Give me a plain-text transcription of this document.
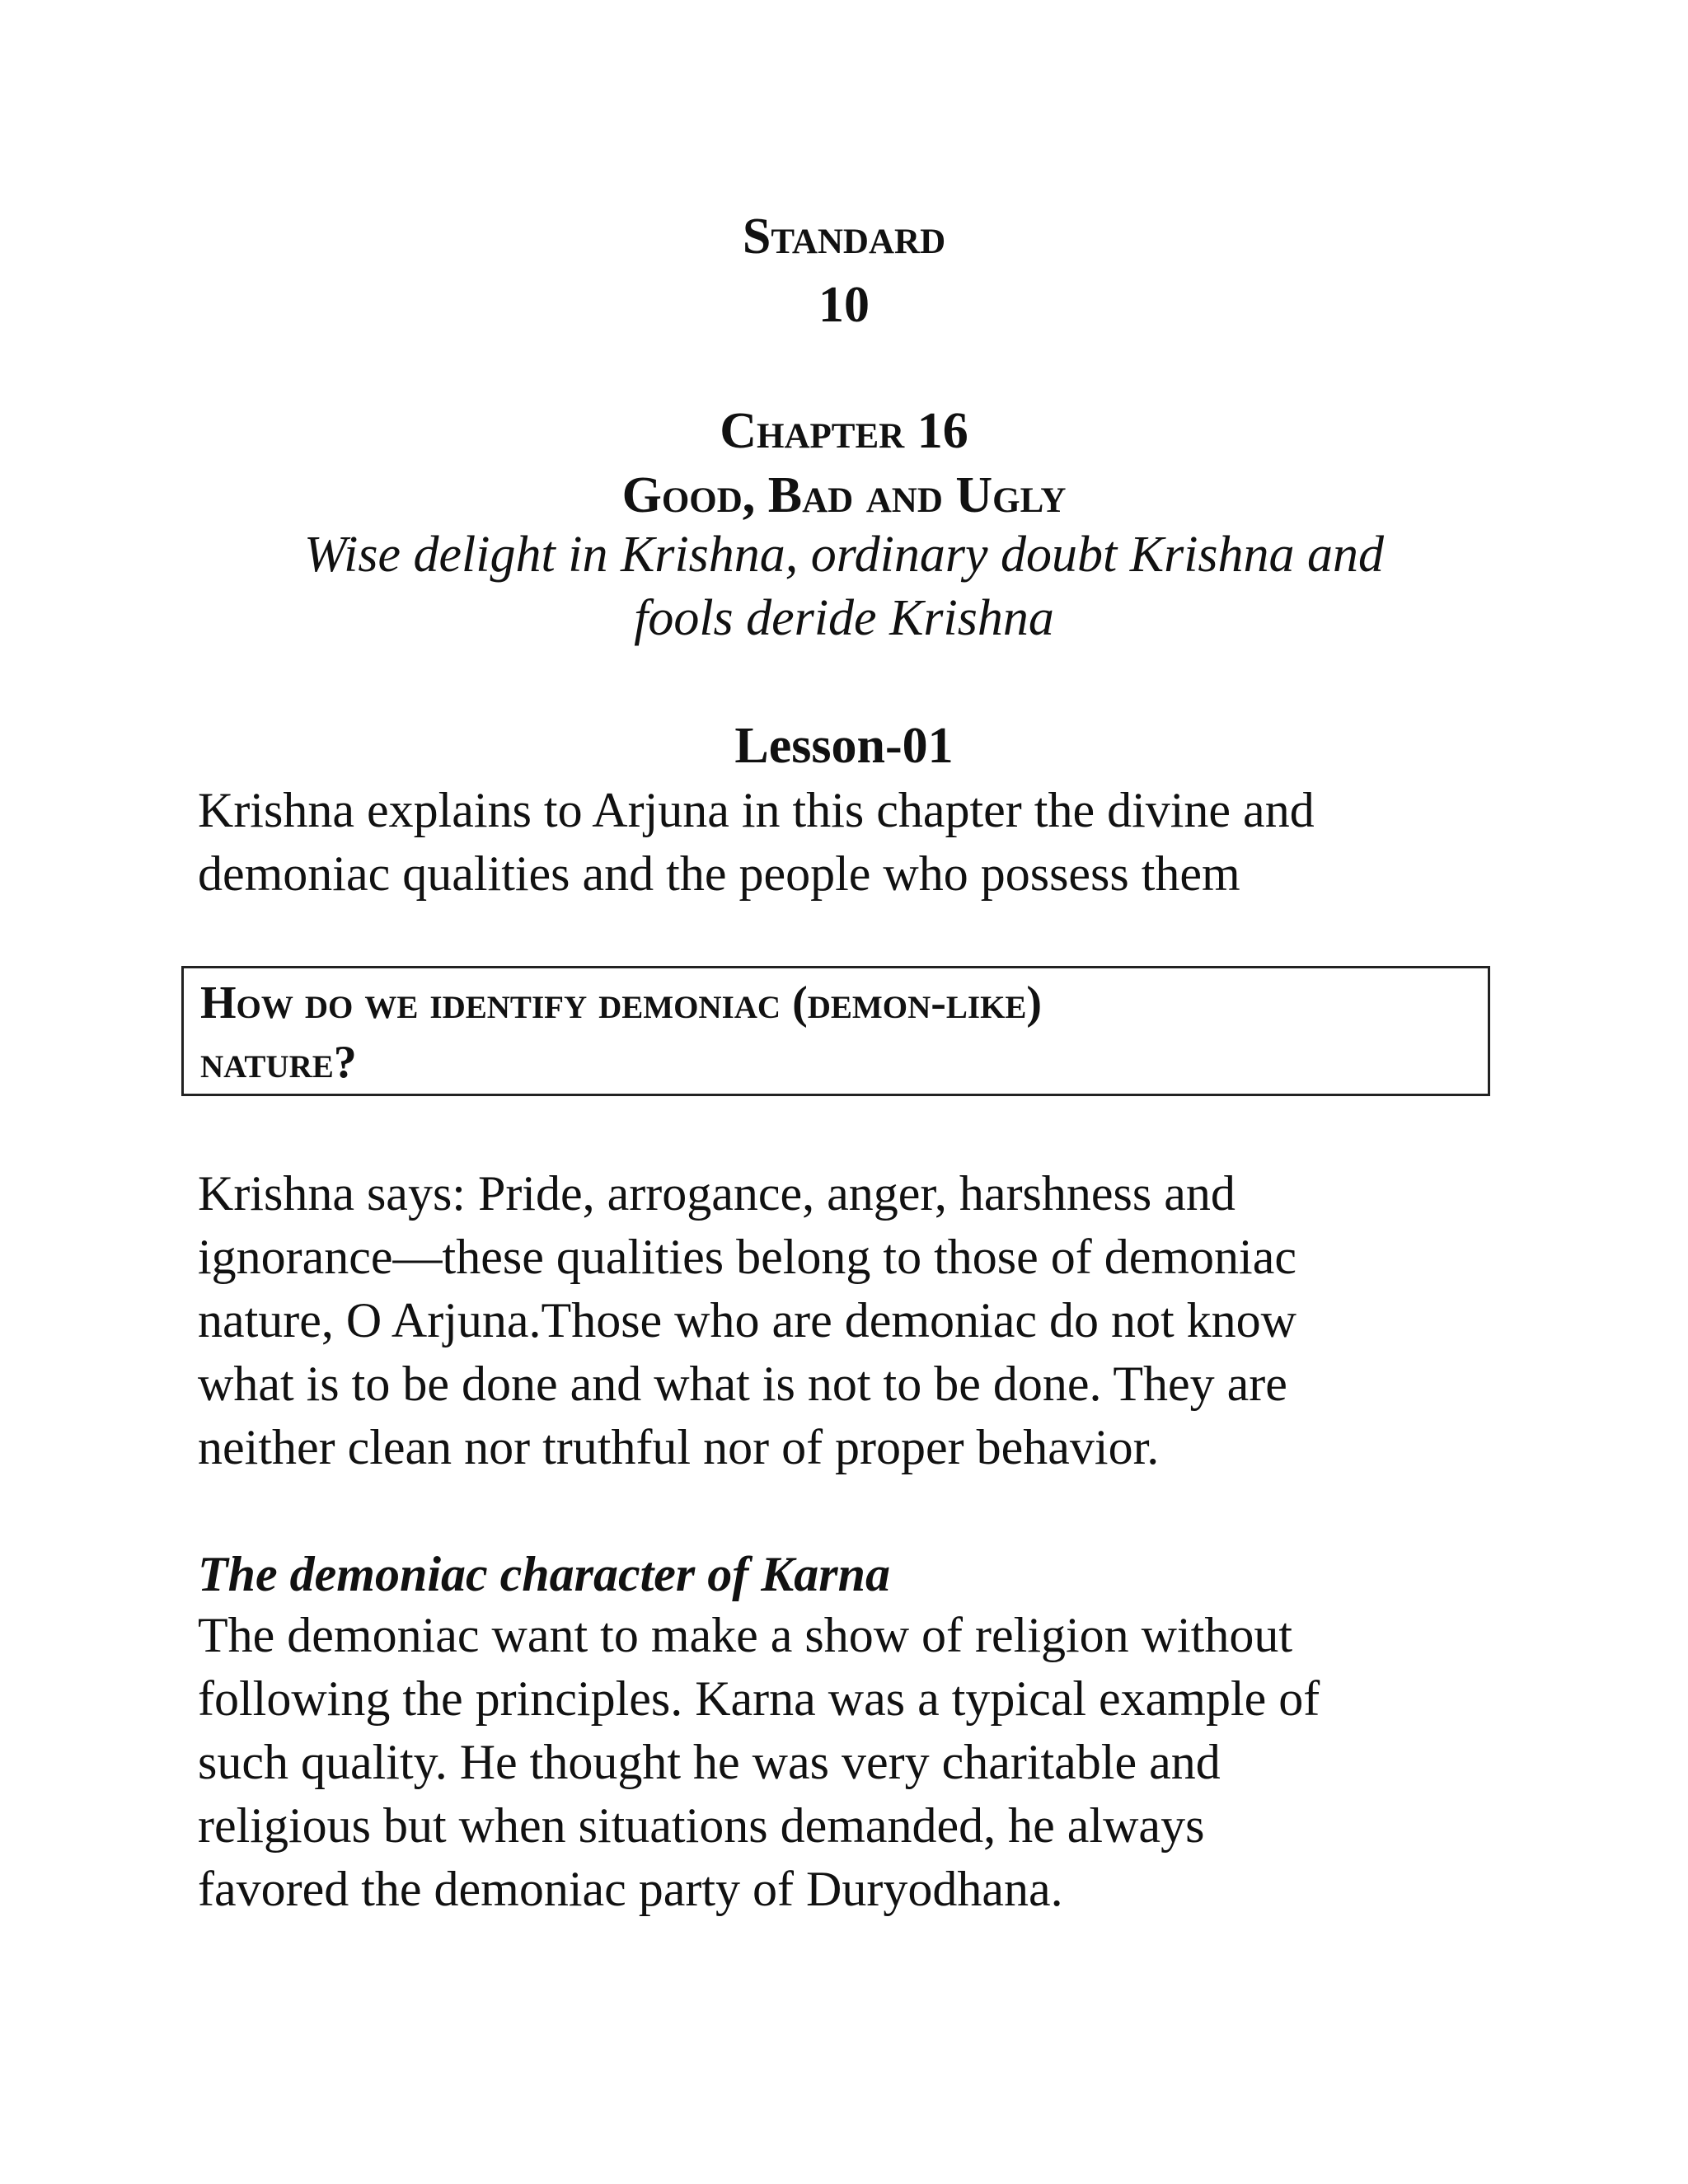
Standard
10
Chapter 16
Good, Bad and Ugly
Wise delight in Krishna, ordinary doubt Krishna and
fools deride Krishna
Lesson-01
Krishna explains to Arjuna in this chapter the divine and
demoniac qualities and the people who possess them
How do we identify demoniac (demon-like)
nature?
Krishna says: Pride, arrogance, anger, harshness and
ignorance—these qualities belong to those of demoniac
nature, O Arjuna.Those who are demoniac do not know
what is to be done and what is not to be done. They are
neither clean nor truthful nor of proper behavior.
The demoniac character of Karna
The demoniac want to make a show of religion without
following the principles. Karna was a typical example of
such quality. He thought he was very charitable and
religious but when situations demanded, he always
favored the demoniac party of Duryodhana.
